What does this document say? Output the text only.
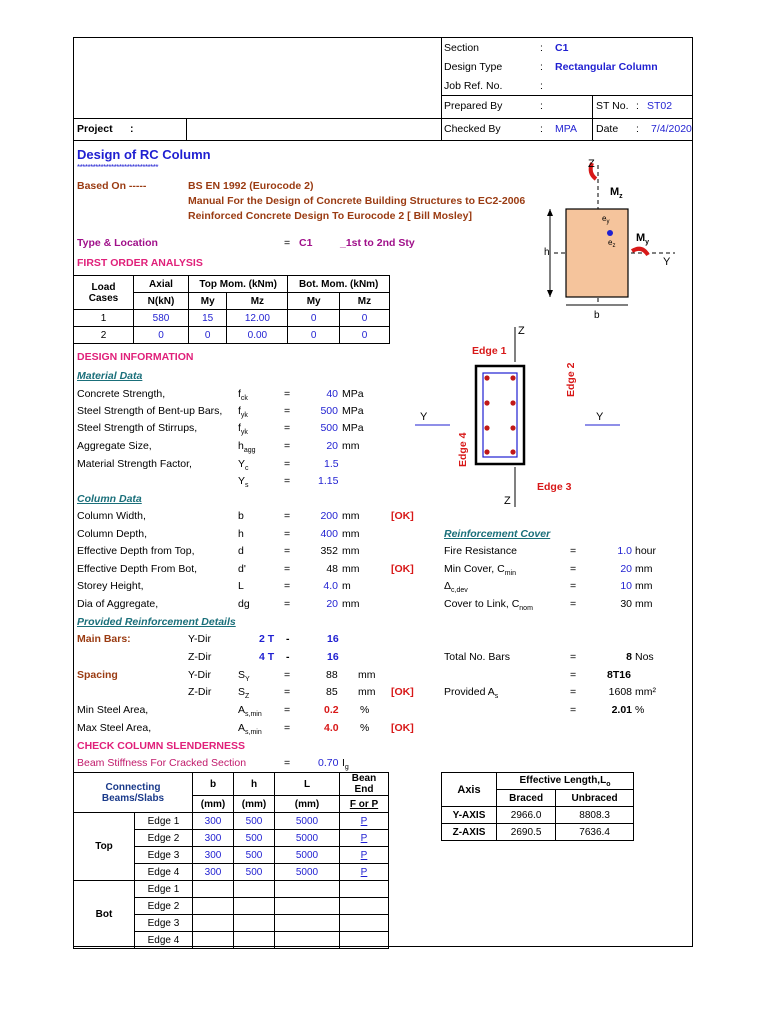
Section	: C1
Design Type	: Rectangular Column
Job Ref. No.	:
Prepared By	:	ST No. : ST02
Checked By	: MPA Date : 7/4/2020
Project :
Design of RC Column
*******************************
Based On -----	BS EN 1992 (Eurocode 2)
Manual For the Design of Concrete Building Structures to EC2-2006
Reinforced Concrete Design To Eurocode 2 [ Bill Mosley]
Type & Location	= C1	_1st to 2nd Sty
FIRST ORDER ANALYSIS
Load Cases	Axial	Top Mom. (kNm)		Bot. Mom. (kNm)	
	N(kN)	My	Mz	My	Mz
1	580	15	12.00	0	0
2	0	0	0.00	0	0
DESIGN INFORMATION
Material Data
Concrete Strength,	$f_{ck}$	=	40 MPa
Steel Strength of Bent-up Bars, $f_{yk}$	=	500 MPa
Steel Strength of Stirrups,	$f_{yk}$	=	500 MPa
Aggregate Size,	$h_{agg}$	=	20 mm
Material Strength Factor,	$Y_c$	=	1.5
$Y_s$	=	1.15
Column Data
Column Width,	b	=	200 mm	[OK]
Column Depth,	h	=	400 mm
Effective Depth from Top,	d	=	352 mm
Effective Depth From Bot,	d'	=	48 mm	[OK]
Storey Height,	L	=	4.0 m
Dia of Aggregate,	dg	=	20 mm
Reinforcement Cover
Fire Resistance	=	1.0 hour
Min Cover, $C_{min}$	=	20 mm
$\Delta_{c,dev}$	=	10 mm
Cover to Link, $C_{nom}$	=	30 mm
Provided Reinforcement Details
Main Bars:	Y-Dir	2 T -	16
Z-Dir	4 T -	16	Total No. Bars	=	8 Nos
Spacing	Y-Dir	$S_Y$	=	88 mm	=	8T16
Z-Dir	$S_Z$	=	85 mm [OK]	Provided $A_s$	=	1608 mm²
Min Steel Area,	$A_{s,min}$ =	0.2 %	=	2.01 %
Max Steel Area,	$A_{s,min}$ =	4.0 % [OK]
CHECK COLUMN SLENDERNESS
Beam Stiffness For Cracked Section	=	0.70 $I_g$
Connecting Beams/Slabs		b	h	L	Bean End
		(mm)	(mm)	(mm)	F or P
Top	Edge 1	300	500	5000	P
	Edge 2	300	500	5000	P
	Edge 3	300	500	5000	P
	Edge 4	300	500	5000	P
Bot	Edge 1				
	Edge 2				
	Edge 3				
	Edge 4				
Axis	Effective $Length,L_o$
	Braced	Unbraced
Y-AXIS	2966.0	8808.3
Z-AXIS	2690.5	7636.4
h
b
Z
Y
$M_z$
$M_y$
$e_y$
$e_z$
Z
Z
Y	Y
Edge 1
Edge 3
Edge 2
Edge 4
